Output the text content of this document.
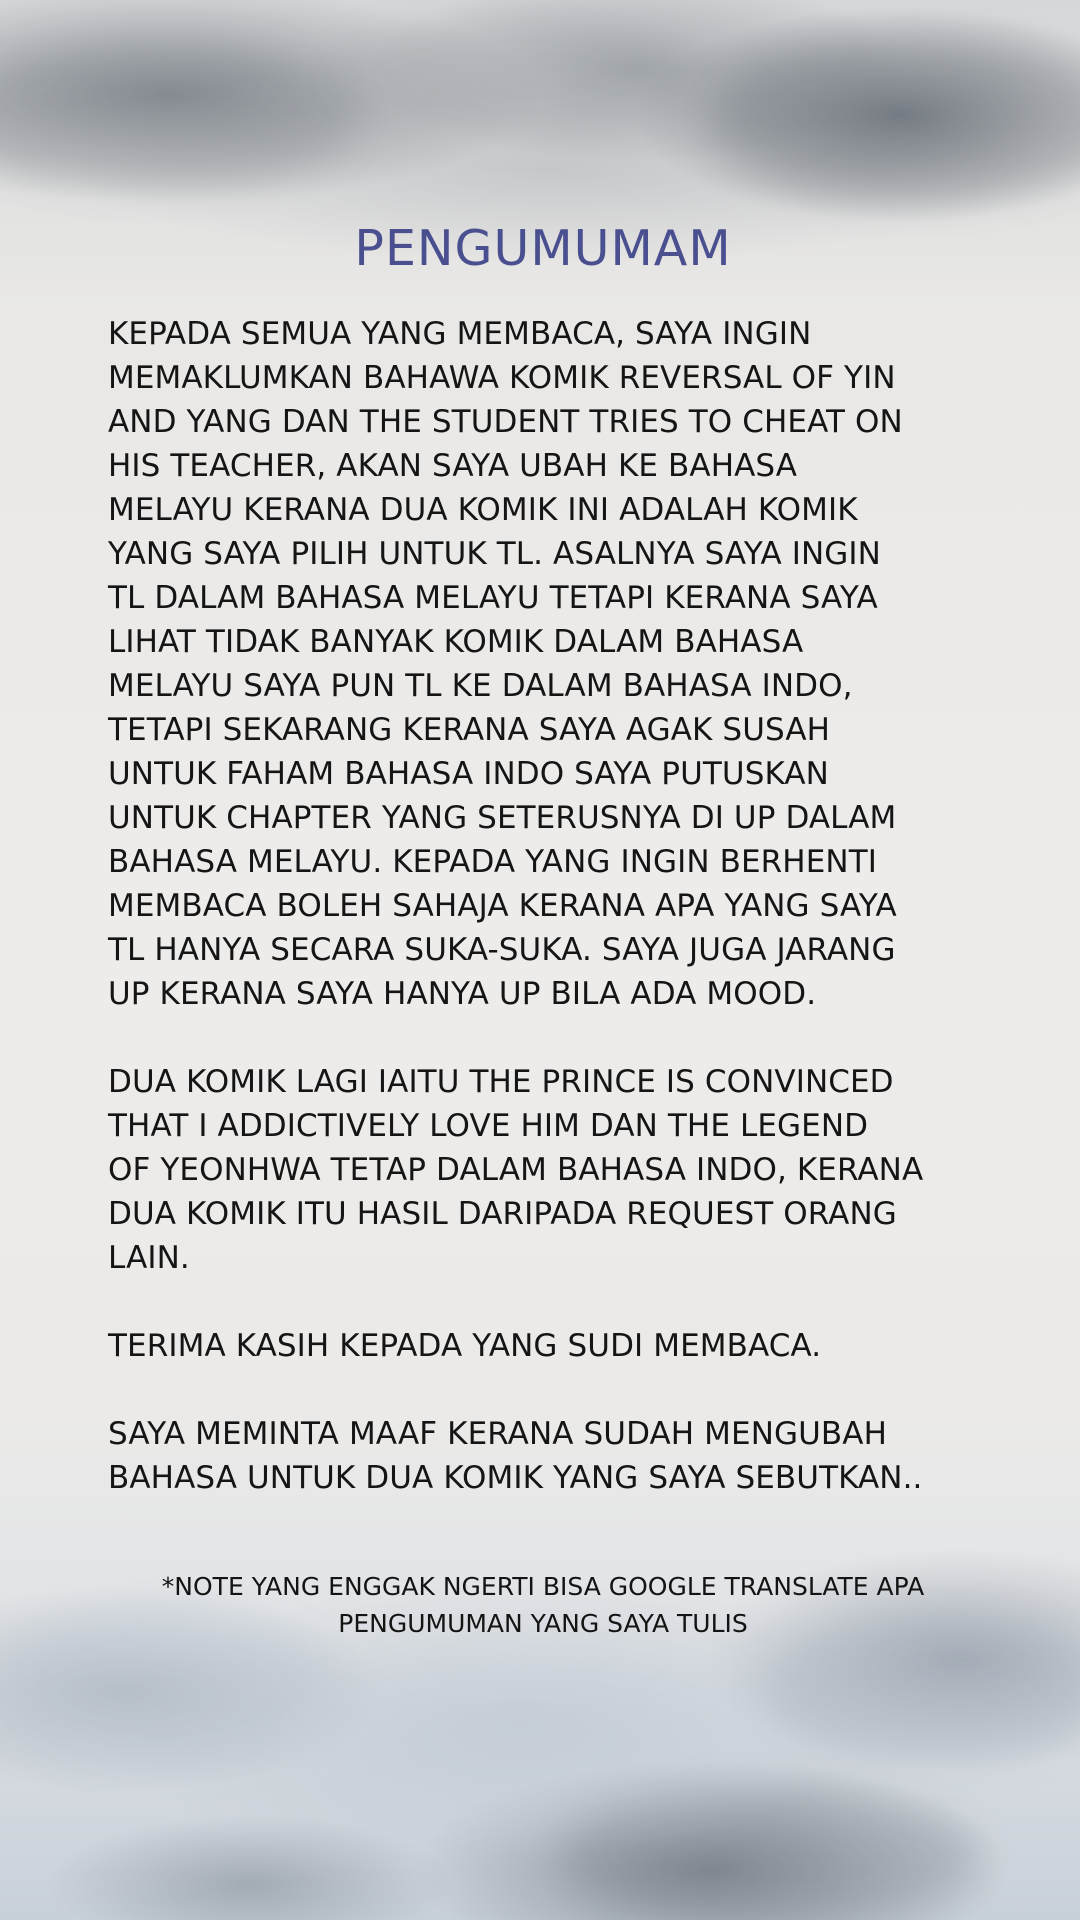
PENGUMUMAM

KEPADA SEMUA YANG MEMBACA, SAYA INGIN
MEMAKLUMKAN BAHAWA KOMIK REVERSAL OF YIN
AND YANG DAN THE STUDENT TRIES TO CHEAT ON
HIS TEACHER, AKAN SAYA UBAH KE BAHASA
MELAYU KERANA DUA KOMIK INI ADALAH KOMIK
YANG SAYA PILIH UNTUK TL. ASALNYA SAYA INGIN
TL DALAM BAHASA MELAYU TETAPI KERANA SAYA
LIHAT TIDAK BANYAK KOMIK DALAM BAHASA
MELAYU SAYA PUN TL KE DALAM BAHASA INDO,
TETAPI SEKARANG KERANA SAYA AGAK SUSAH
UNTUK FAHAM BAHASA INDO SAYA PUTUSKAN
UNTUK CHAPTER YANG SETERUSNYA DI UP DALAM
BAHASA MELAYU. KEPADA YANG INGIN BERHENTI
MEMBACA BOLEH SAHAJA KERANA APA YANG SAYA
TL HANYA SECARA SUKA-SUKA. SAYA JUGA JARANG
UP KERANA SAYA HANYA UP BILA ADA MOOD.

DUA KOMIK LAGI IAITU THE PRINCE IS CONVINCED
THAT I ADDICTIVELY LOVE HIM DAN THE LEGEND
OF YEONHWA TETAP DALAM BAHASA INDO, KERANA
DUA KOMIK ITU HASIL DARIPADA REQUEST ORANG
LAIN.

TERIMA KASIH KEPADA YANG SUDI MEMBACA.

SAYA MEMINTA MAAF KERANA SUDAH MENGUBAH
BAHASA UNTUK DUA KOMIK YANG SAYA SEBUTKAN..

*NOTE YANG ENGGAK NGERTI BISA GOOGLE TRANSLATE APA
PENGUMUMAN YANG SAYA TULIS
